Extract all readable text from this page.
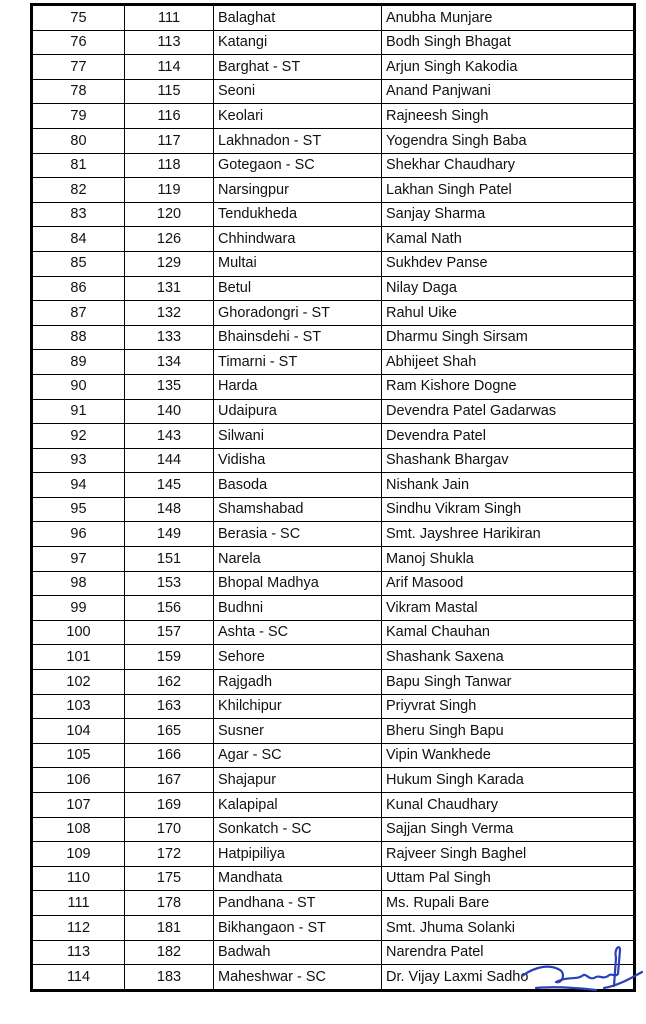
75	111	Balaghat	Anubha Munjare
76	113	Katangi	Bodh Singh Bhagat
77	114	Barghat - ST	Arjun Singh Kakodia
78	115	Seoni	Anand Panjwani
79	116	Keolari	Rajneesh Singh
80	117	Lakhnadon - ST	Yogendra Singh Baba
81	118	Gotegaon - SC	Shekhar Chaudhary
82	119	Narsingpur	Lakhan Singh Patel
83	120	Tendukheda	Sanjay Sharma
84	126	Chhindwara	Kamal Nath
85	129	Multai	Sukhdev Panse
86	131	Betul	Nilay Daga
87	132	Ghoradongri - ST	Rahul Uike
88	133	Bhainsdehi - ST	Dharmu Singh Sirsam
89	134	Timarni - ST	Abhijeet Shah
90	135	Harda	Ram Kishore Dogne
91	140	Udaipura	Devendra Patel Gadarwas
92	143	Silwani	Devendra Patel
93	144	Vidisha	Shashank Bhargav
94	145	Basoda	Nishank Jain
95	148	Shamshabad	Sindhu Vikram Singh
96	149	Berasia - SC	Smt. Jayshree Harikiran
97	151	Narela	Manoj Shukla
98	153	Bhopal Madhya	Arif Masood
99	156	Budhni	Vikram Mastal
100	157	Ashta - SC	Kamal Chauhan
101	159	Sehore	Shashank Saxena
102	162	Rajgadh	Bapu Singh Tanwar
103	163	Khilchipur	Priyvrat Singh
104	165	Susner	Bheru Singh Bapu
105	166	Agar - SC	Vipin Wankhede
106	167	Shajapur	Hukum Singh Karada
107	169	Kalapipal	Kunal Chaudhary
108	170	Sonkatch - SC	Sajjan Singh Verma
109	172	Hatpipiliya	Rajveer Singh Baghel
110	175	Mandhata	Uttam Pal Singh
111	178	Pandhana - ST	Ms. Rupali Bare
112	181	Bikhangaon - ST	Smt. Jhuma Solanki
113	182	Badwah	Narendra Patel
114	183	Maheshwar - SC	Dr. Vijay Laxmi Sadho
